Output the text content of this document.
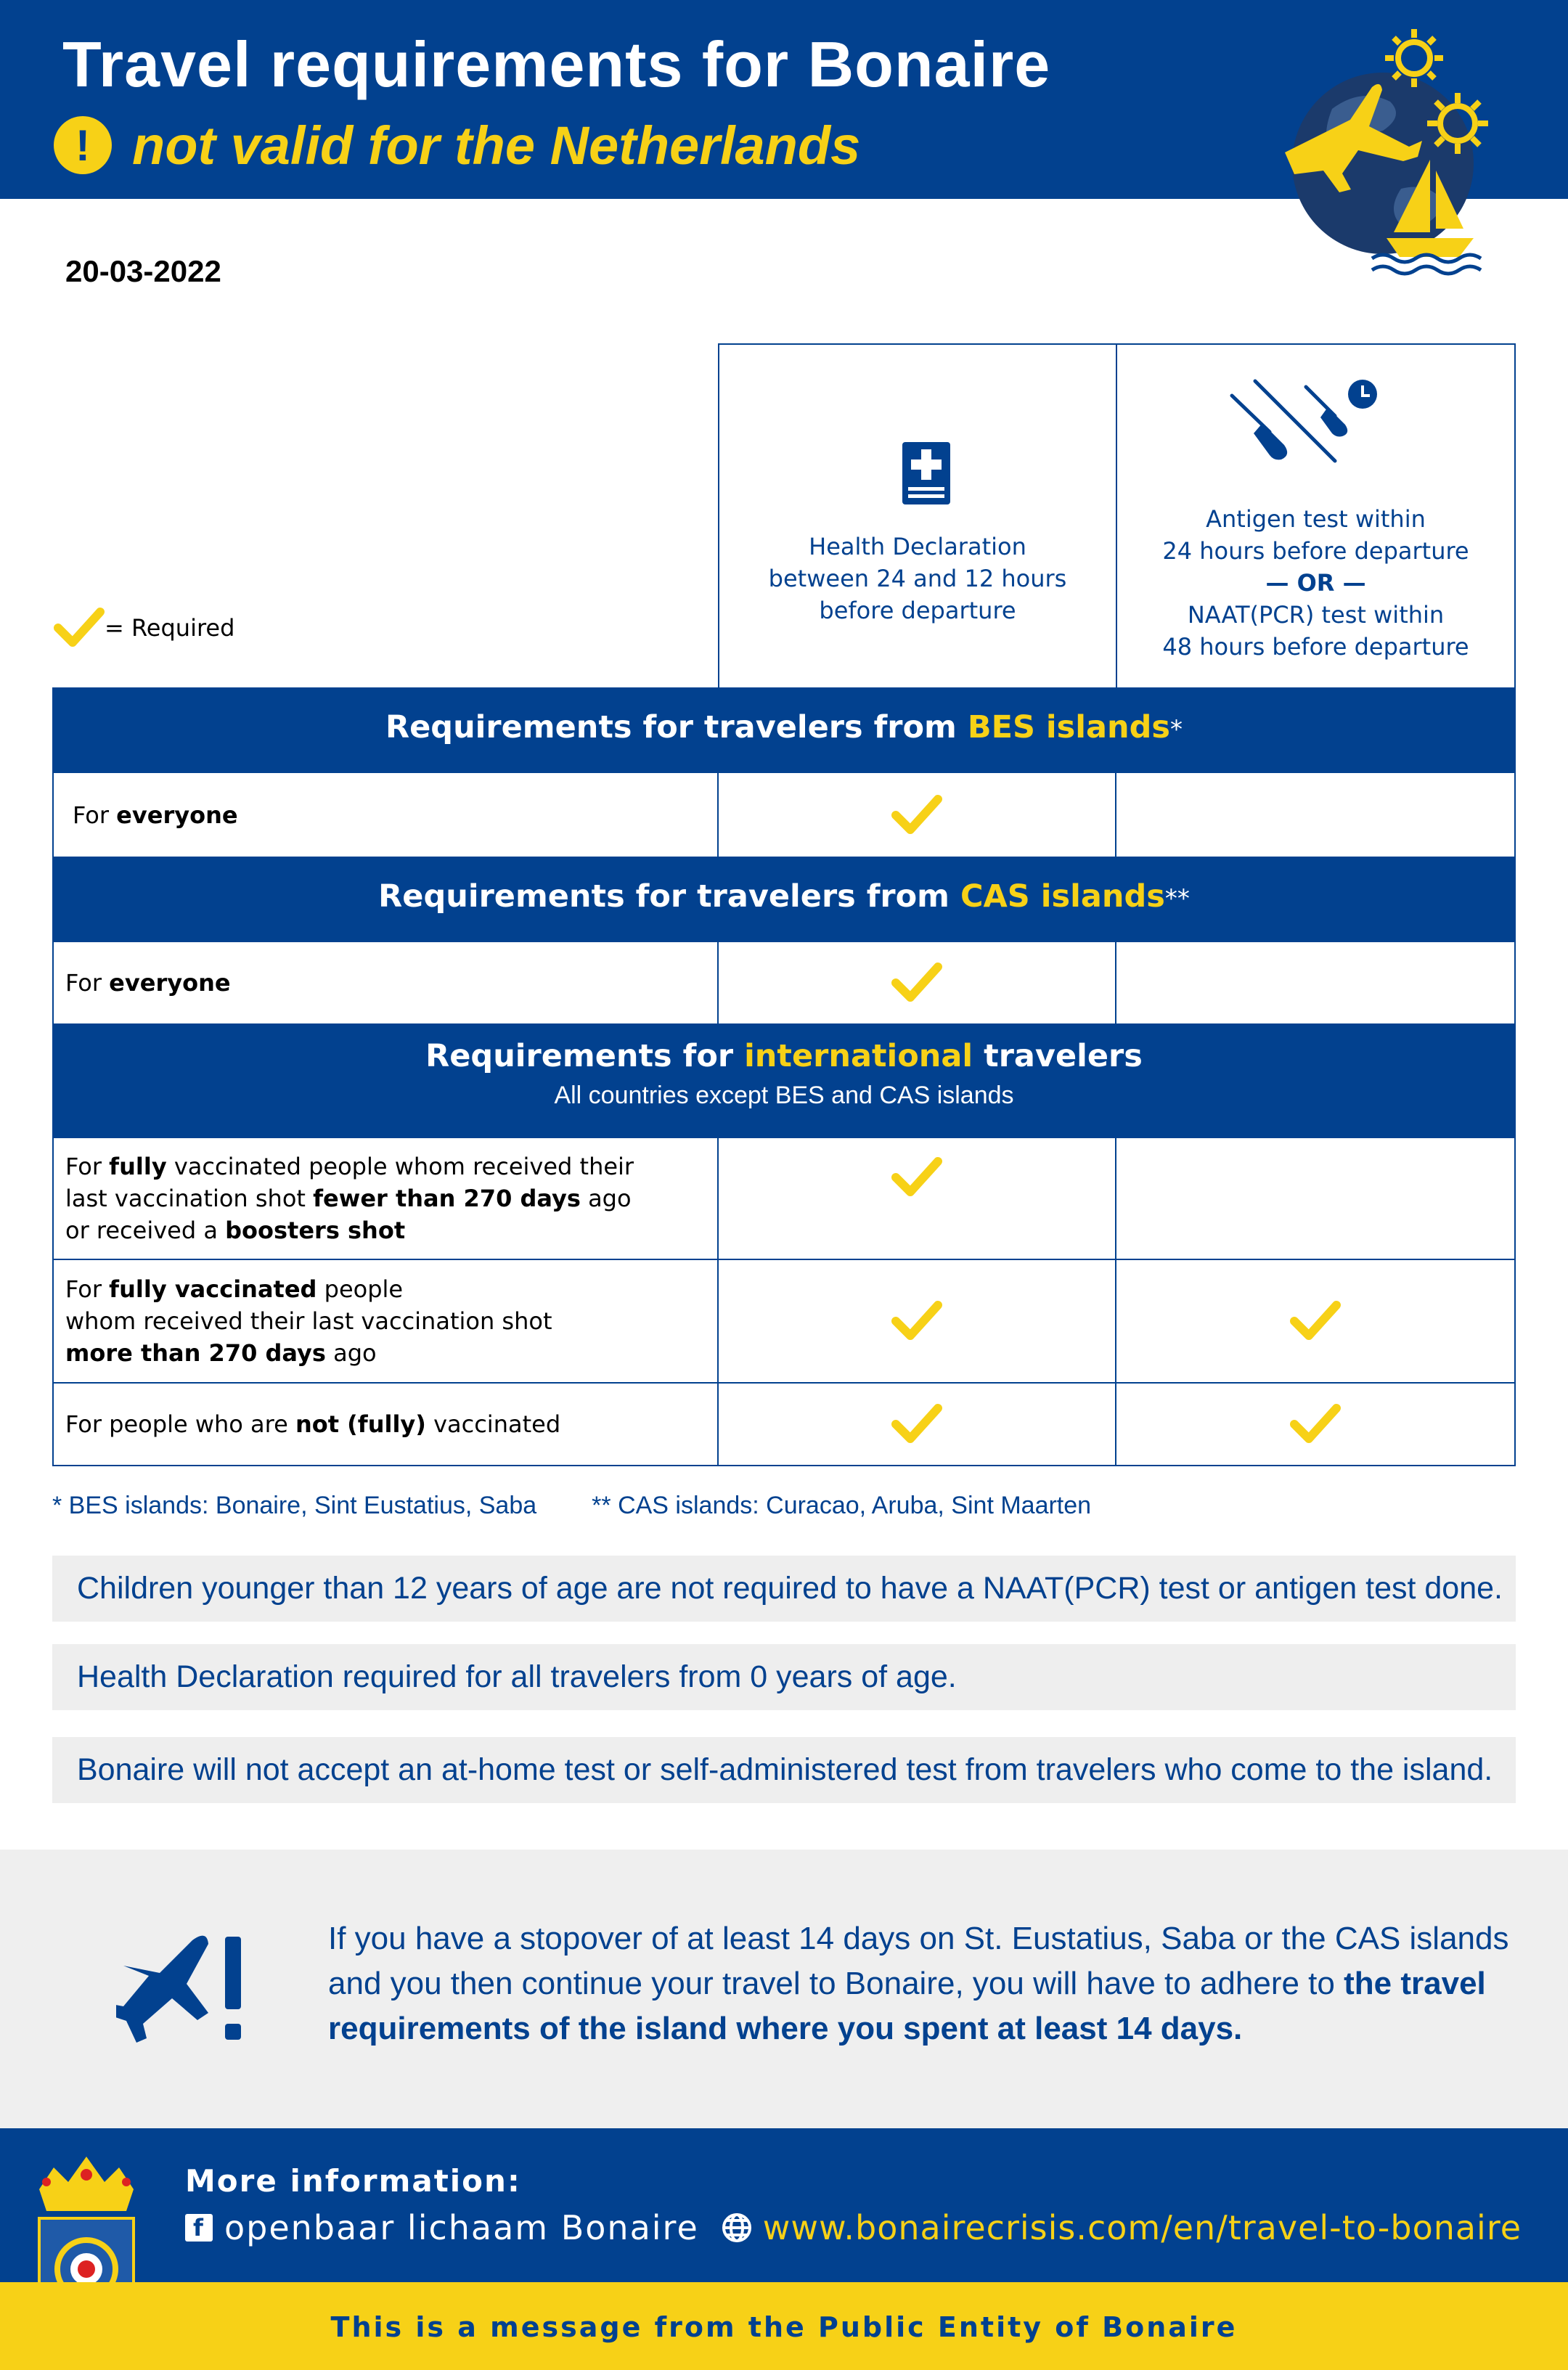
Travel requirements for Bonaire
! not valid for the Netherlands
20-03-2022
= Required
Health Declaration
between 24 and 12 hours
before departure
Antigen test within
24 hours before departure
— OR —
NAAT(PCR) test within
48 hours before departure
Requirements for travelers from BES islands*
For
everyone
Requirements for travelers from CAS islands**
For
everyone
Requirements for international travelers
All countries except BES and CAS islands
For fully vaccinated people whom received their
last vaccination shot fewer than 270 days ago
or received a boosters shot
For fully vaccinated people
whom received their last vaccination shot
more than 270 days ago
For people who are
not (fully)
vaccinated
* BES islands: Bonaire, Sint Eustatius, Saba ** CAS islands: Curacao, Aruba, Sint Maarten
Children younger than 12 years of age are not required to have a NAAT(PCR) test or antigen test done.
Health Declaration required for all travelers from 0 years of age.
Bonaire will not accept an at-home test or self-administered test from travelers who come to the island.
If you have a stopover of at least 14 days on St. Eustatius, Saba or the CAS islands and you then continue your travel to Bonaire, you will have to adhere to the travel requirements of the island where you spent at least 14 days.
More information:
f openbaar lichaam Bonaire www.bonairecrisis.com/en/travel-to-bonaire
This is a message from the Public Entity of Bonaire
